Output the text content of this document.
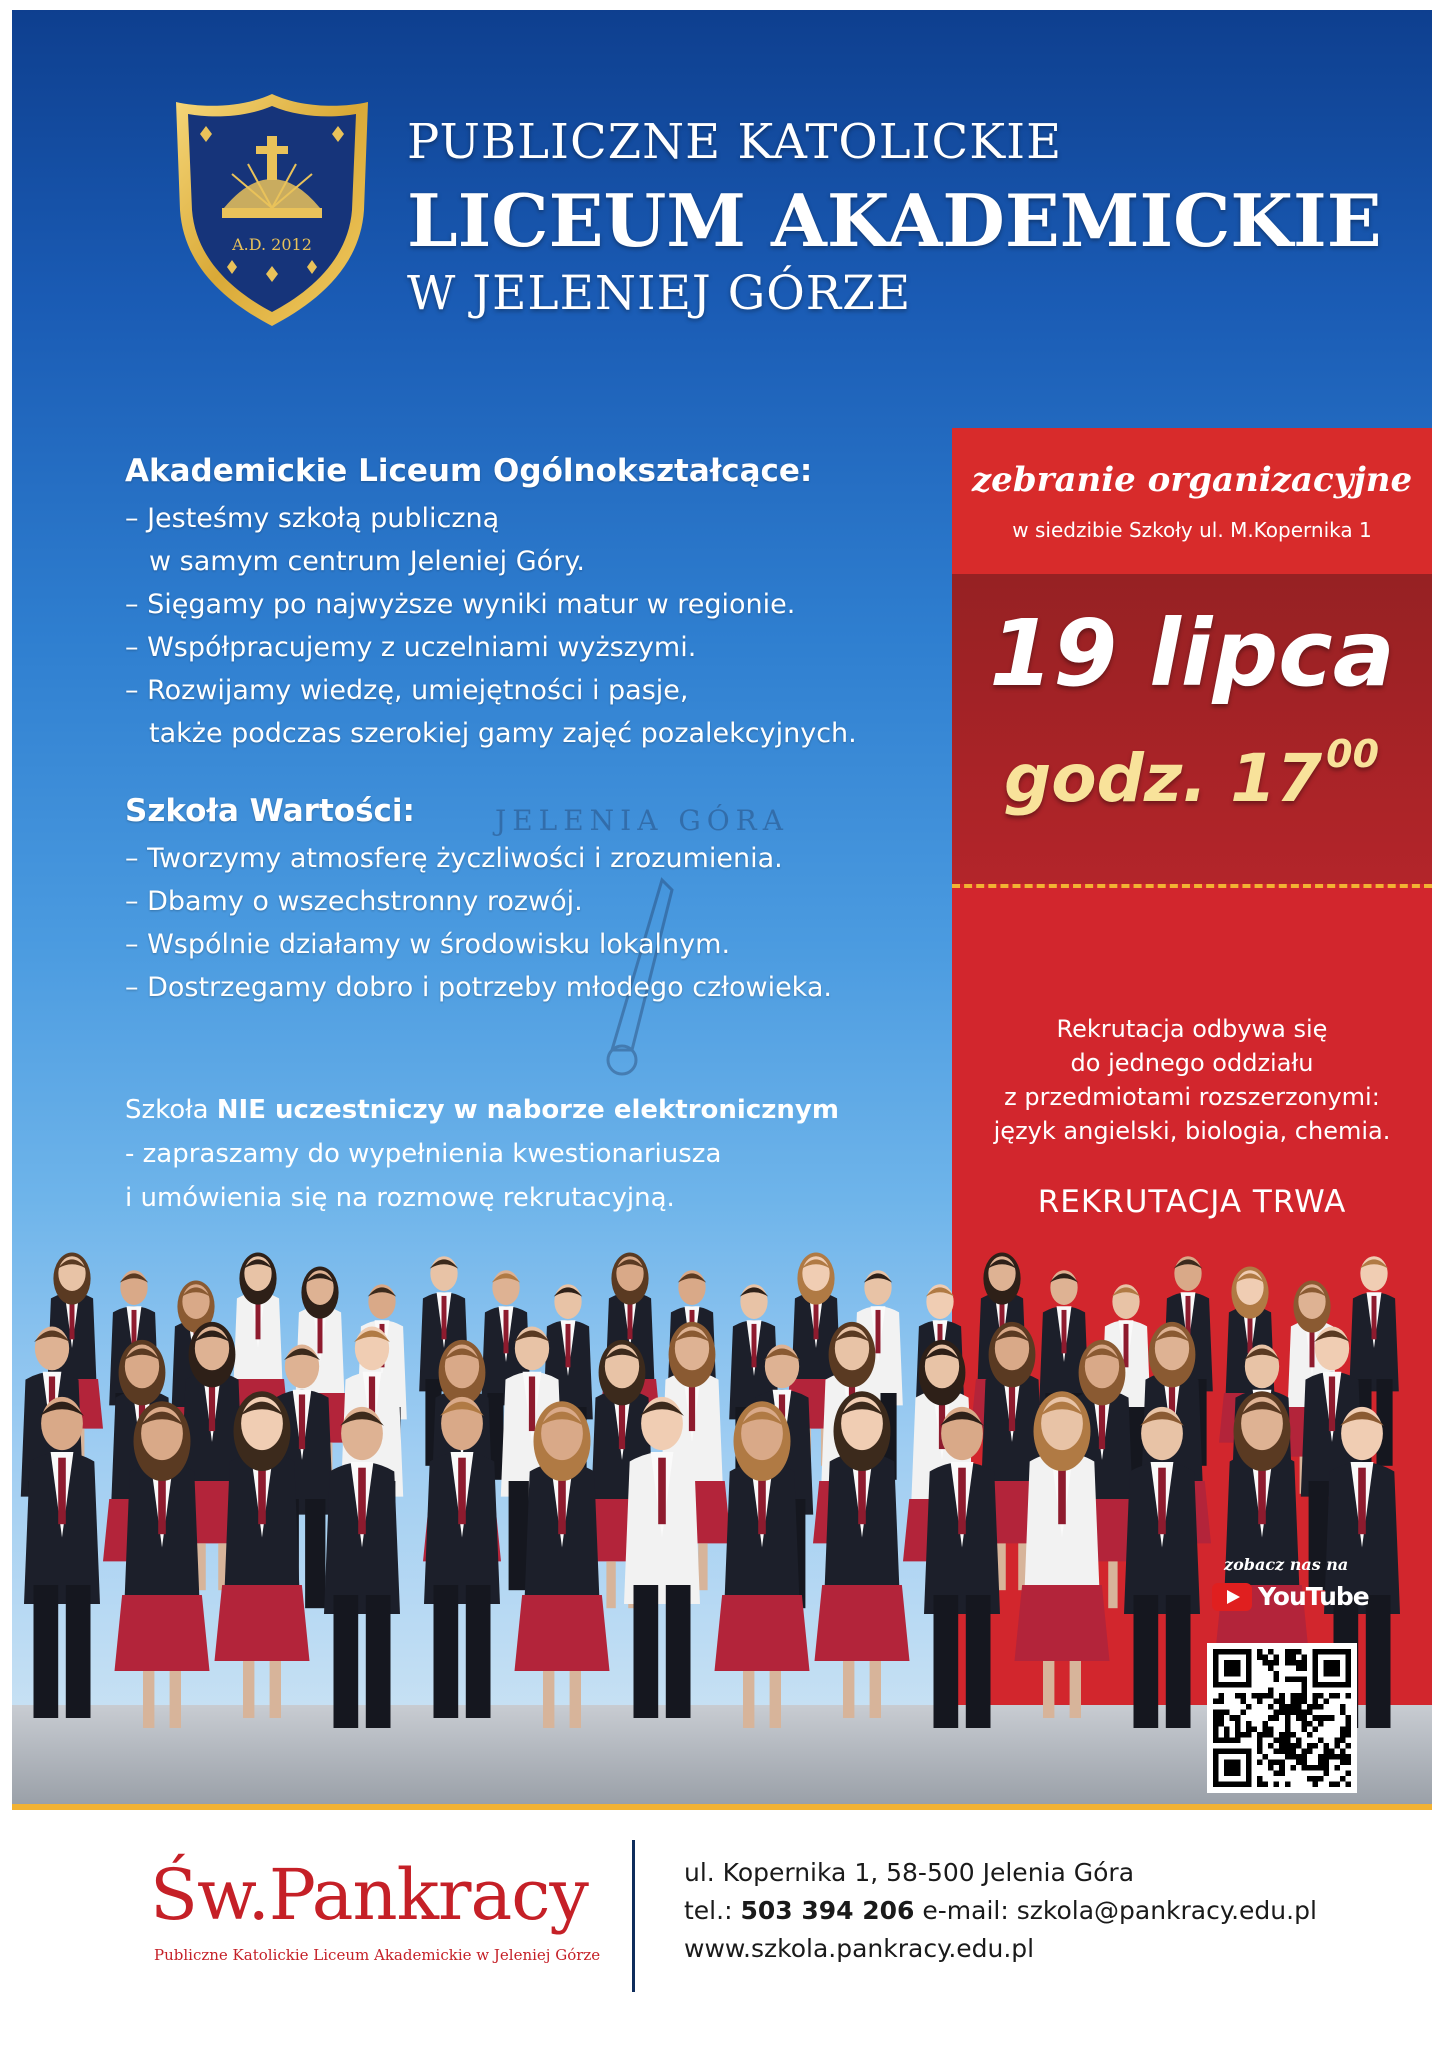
A.D. 2012
PUBLICZNE KATOLICKIE
LICEUM AKADEMICKIE
W JELENIEJ GÓRZE
JELENIA GÓRA
Akademickie Liceum Ogólnokształcące:

– Jesteśmy szkołą publiczną

w samym centrum Jeleniej Góry.

– Sięgamy po najwyższe wyniki matur w regionie.

– Współpracujemy z uczelniami wyższymi.

– Rozwijamy wiedzę, umiejętności i pasje,

także podczas szerokiej gamy zajęć pozalekcyjnych.

Szkoła Wartości:

– Tworzymy atmosferę życzliwości i zrozumienia.

– Dbamy o wszechstronny rozwój.

– Wspólnie działamy w środowisku lokalnym.

– Dostrzegamy dobro i potrzeby młodego człowieka.

Szkoła NIE uczestniczy w naborze elektronicznym
- zapraszamy do wypełnienia kwestionariusza
i umówienia się na rozmowę rekrutacyjną.
zebranie organizacyjne
w siedzibie Szkoły ul. M.Kopernika 1
19 lipca
godz. 17 $^{00}$
Rekrutacja odbywa się
do jednego oddziału
z przedmiotami rozszerzonymi:
język angielski, biologia, chemia.
REKRUTACJA TRWA
zobacz nas na
YouTube
Św.Pankracy
Publiczne Katolickie Liceum Akademickie w Jeleniej Górze
ul. Kopernika 1, 58-500 Jelenia Góra
tel.: 503 394 206 e-mail: szkola@pankracy.edu.pl
www.szkola.pankracy.edu.pl
